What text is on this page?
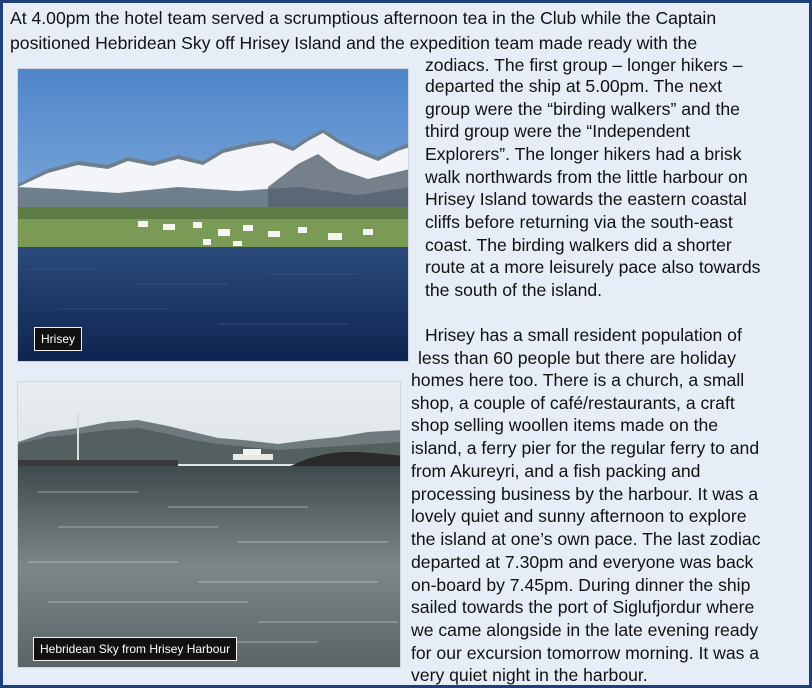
At 4.00pm the hotel team served a scrumptious afternoon tea in the Club while the Captain
positioned Hebridean Sky off Hrisey Island and the expedition team made ready with the
zodiacs. The first group – longer hikers –
departed the ship at 5.00pm. The next
group were the “birding walkers” and the
third group were the “Independent
Explorers”. The longer hikers had a brisk
walk northwards from the little harbour on
Hrisey Island towards the eastern coastal
cliffs before returning via the south-east
coast. The birding walkers did a shorter
route at a more leisurely pace also towards
the south of the island.
Hrisey has a small resident population of
less than 60 people but there are holiday
homes here too. There is a church, a small
shop, a couple of café/restaurants, a craft
shop selling woollen items made on the
island, a ferry pier for the regular ferry to and
from Akureyri, and a fish packing and
processing business by the harbour. It was a
lovely quiet and sunny afternoon to explore
the island at one’s own pace. The last zodiac
departed at 7.30pm and everyone was back
on-board by 7.45pm. During dinner the ship
sailed towards the port of Siglufjordur where
we came alongside in the late evening ready
for our excursion tomorrow morning. It was a
very quiet night in the harbour.
Hrisey
Hebridean Sky from Hrisey Harbour
